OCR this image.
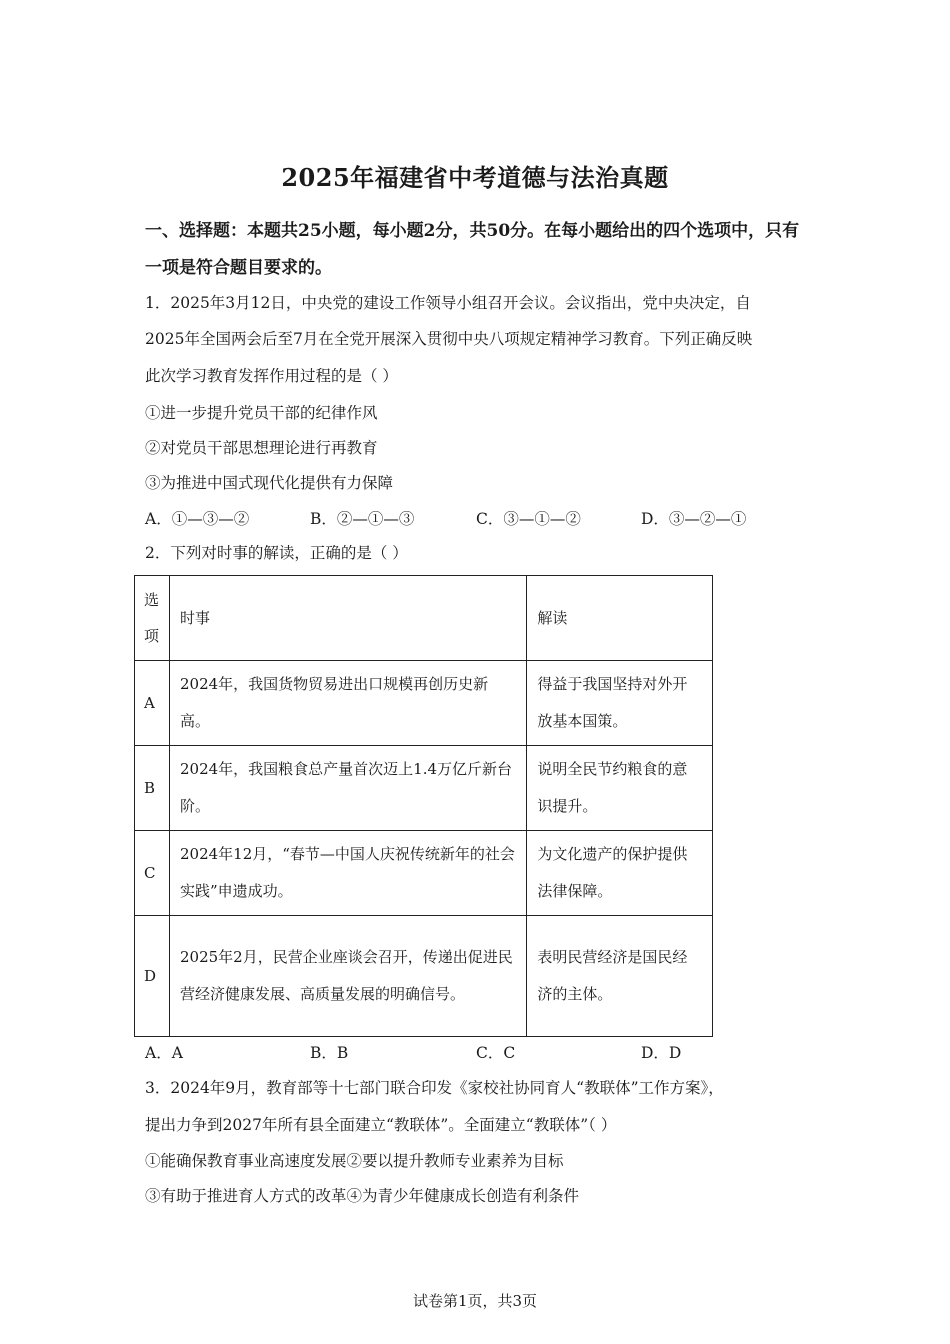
2025年福建省中考道德与法治真题
一、选择题：本题共25小题，每小题2分，共50分。在每小题给出的四个选项中，只有一项是符合题目要求的。
1．2025年3月12日，中央党的建设工作领导小组召开会议。会议指出，党中央决定，自
2025年全国两会后至7月在全党开展深入贯彻中央八项规定精神学习教育。下列正确反映
此次学习教育发挥作用过程的是（ ）
①进一步提升党员干部的纪律作风
②对党员干部思想理论进行再教育
③为推进中国式现代化提供有力保障
A．①—③—②	B．②—①—③	C．③—①—②	D．③—②—①
2．下列对时事的解读，正确的是（ ）
选项	时事	解读
A	2024年，我国货物贸易进出口规模再创历史新高。	得益于我国坚持对外开放基本国策。
B	2024年，我国粮食总产量首次迈上1.4万亿斤新台阶。	说明全民节约粮食的意识提升。
C	2024年12月，“春节—中国人庆祝传统新年的社会实践”申遗成功。	为文化遗产的保护提供法律保障。
D	2025年2月，民营企业座谈会召开，传递出促进民营经济健康发展、高质量发展的明确信号。	表明民营经济是国民经济的主体。
A．A	B．B	C．C	D．D
3．2024年9月，教育部等十七部门联合印发《家校社协同育人“教联体”工作方案》，
提出力争到2027年所有县全面建立“教联体”。全面建立“教联体”（ ）
①能确保教育事业高速度发展②要以提升教师专业素养为目标
③有助于推进育人方式的改革④为青少年健康成长创造有利条件
试卷第1页，共3页
